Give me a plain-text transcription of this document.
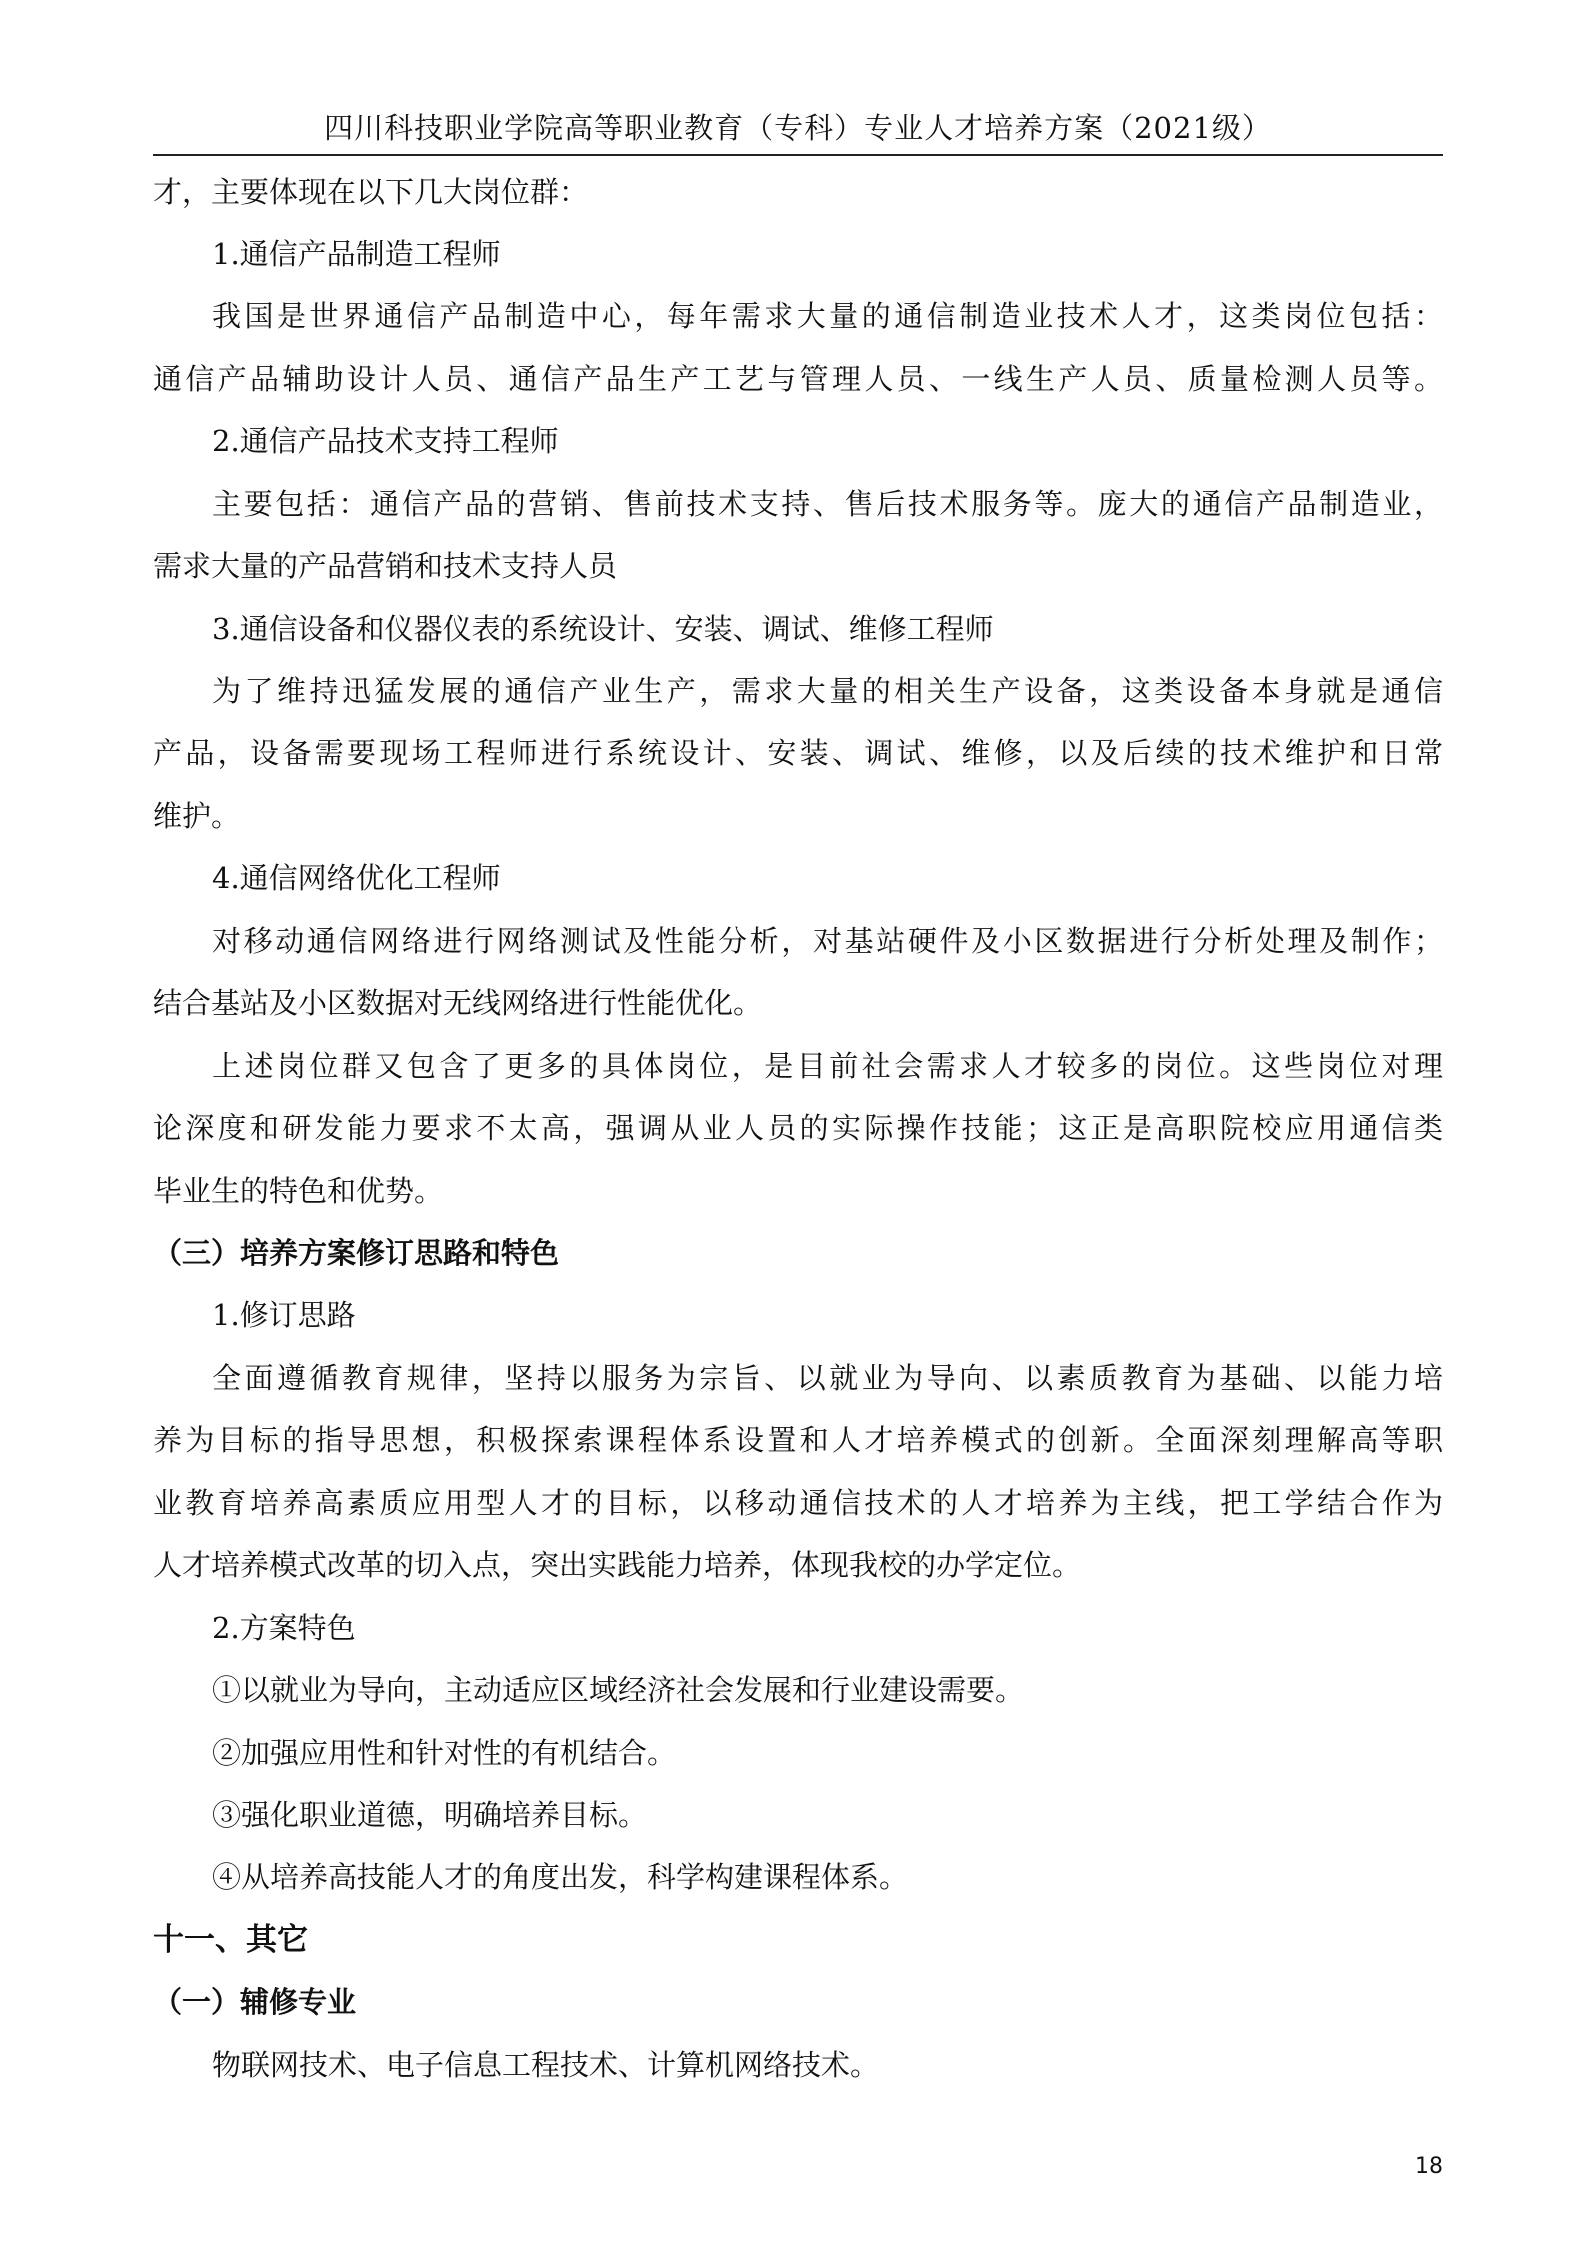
四川科技职业学院高等职业教育（专科）专业人才培养方案（2021级）
才，主要体现在以下几大岗位群：
1.通信产品制造工程师
我国是世界通信产品制造中心，每年需求大量的通信制造业技术人才，这类岗位包括：
通信产品辅助设计人员、通信产品生产工艺与管理人员、一线生产人员、质量检测人员等。
2.通信产品技术支持工程师
主要包括：通信产品的营销、售前技术支持、售后技术服务等。庞大的通信产品制造业，
需求大量的产品营销和技术支持人员
3.通信设备和仪器仪表的系统设计、安装、调试、维修工程师
为了维持迅猛发展的通信产业生产，需求大量的相关生产设备，这类设备本身就是通信
产品，设备需要现场工程师进行系统设计、安装、调试、维修，以及后续的技术维护和日常
维护。
4.通信网络优化工程师
对移动通信网络进行网络测试及性能分析，对基站硬件及小区数据进行分析处理及制作；
结合基站及小区数据对无线网络进行性能优化。
上述岗位群又包含了更多的具体岗位，是目前社会需求人才较多的岗位。这些岗位对理
论深度和研发能力要求不太高，强调从业人员的实际操作技能；这正是高职院校应用通信类
毕业生的特色和优势。
（三）培养方案修订思路和特色
1.修订思路
全面遵循教育规律，坚持以服务为宗旨、以就业为导向、以素质教育为基础、以能力培
养为目标的指导思想，积极探索课程体系设置和人才培养模式的创新。全面深刻理解高等职
业教育培养高素质应用型人才的目标，以移动通信技术的人才培养为主线，把工学结合作为
人才培养模式改革的切入点，突出实践能力培养，体现我校的办学定位。
2.方案特色
①以就业为导向，主动适应区域经济社会发展和行业建设需要。
②加强应用性和针对性的有机结合。
③强化职业道德，明确培养目标。
④从培养高技能人才的角度出发，科学构建课程体系。
十一、其它
（一）辅修专业
物联网技术、电子信息工程技术、计算机网络技术。
18
